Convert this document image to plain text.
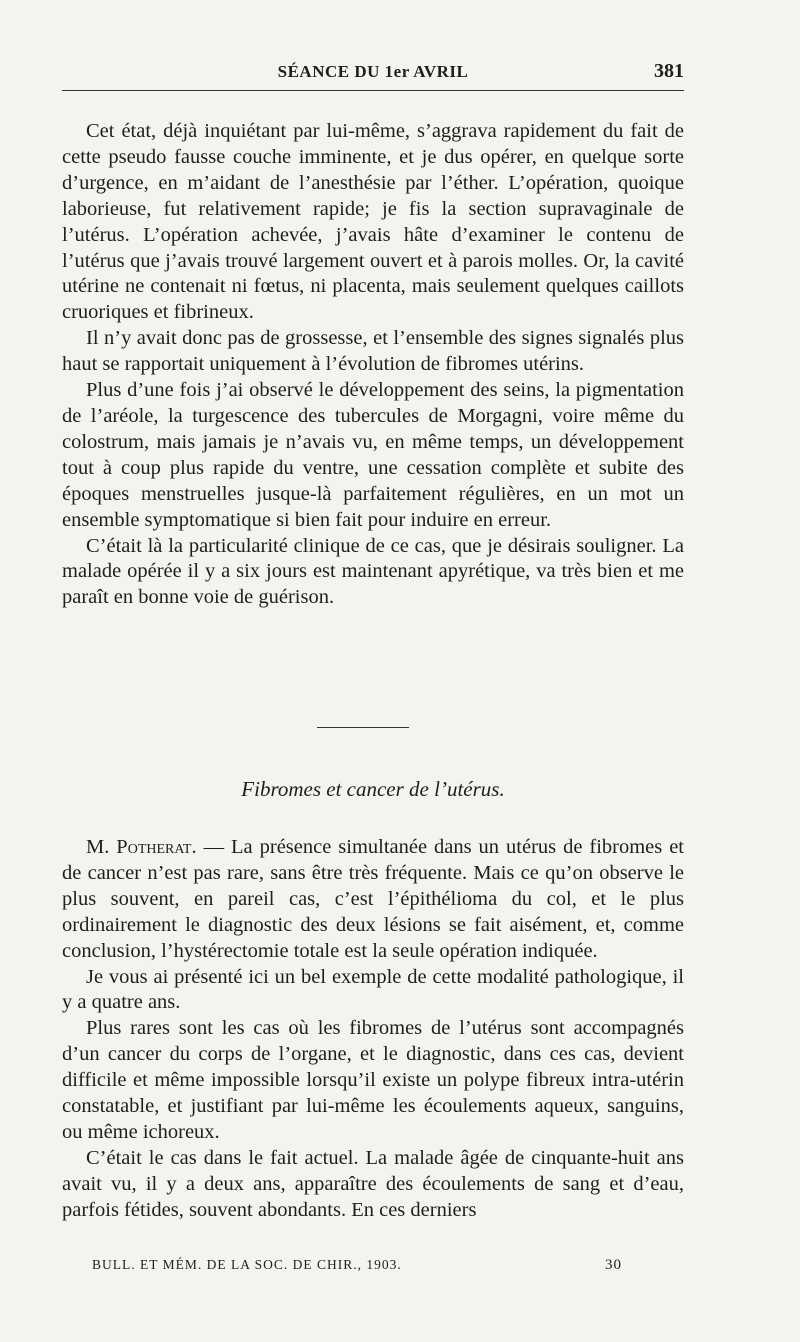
SÉANCE DU 1er AVRIL	381

Cet état, déjà inquiétant par lui-même, s’aggrava rapidement du fait de cette pseudo fausse couche imminente, et je dus opérer, en quelque sorte d’urgence, en m’aidant de l’anesthésie par l’éther. L’opération, quoique laborieuse, fut relativement rapide; je fis la section supravaginale de l’utérus. L’opération achevée, j’avais hâte d’examiner le contenu de l’utérus que j’avais trouvé largement ouvert et à parois molles. Or, la cavité utérine ne contenait ni fœtus, ni placenta, mais seulement quelques caillots cruoriques et fibrineux.

Il n’y avait donc pas de grossesse, et l’ensemble des signes signalés plus haut se rapportait uniquement à l’évolution de fibromes utérins.

Plus d’une fois j’ai observé le développement des seins, la pigmentation de l’aréole, la turgescence des tubercules de Morgagni, voire même du colostrum, mais jamais je n’avais vu, en même temps, un développement tout à coup plus rapide du ventre, une cessation complète et subite des époques menstruelles jusque-là parfaitement régulières, en un mot un ensemble symptomatique si bien fait pour induire en erreur.

C’était là la particularité clinique de ce cas, que je désirais souligner. La malade opérée il y a six jours est maintenant apyrétique, va très bien et me paraît en bonne voie de guérison.

Fibromes et cancer de l’utérus.

M. Potherat. — La présence simultanée dans un utérus de fibromes et de cancer n’est pas rare, sans être très fréquente. Mais ce qu’on observe le plus souvent, en pareil cas, c’est l’épithélioma du col, et le plus ordinairement le diagnostic des deux lésions se fait aisément, et, comme conclusion, l’hystérectomie totale est la seule opération indiquée.

Je vous ai présenté ici un bel exemple de cette modalité pathologique, il y a quatre ans.

Plus rares sont les cas où les fibromes de l’utérus sont accompagnés d’un cancer du corps de l’organe, et le diagnostic, dans ces cas, devient difficile et même impossible lorsqu’il existe un polype fibreux intra-utérin constatable, et justifiant par lui-même les écoulements aqueux, sanguins, ou même ichoreux.

C’était le cas dans le fait actuel. La malade âgée de cinquante-huit ans avait vu, il y a deux ans, apparaître des écoulements de sang et d’eau, parfois fétides, souvent abondants. En ces derniers

BULL. ET MÉM. DE LA SOC. DE CHIR., 1903.	30
